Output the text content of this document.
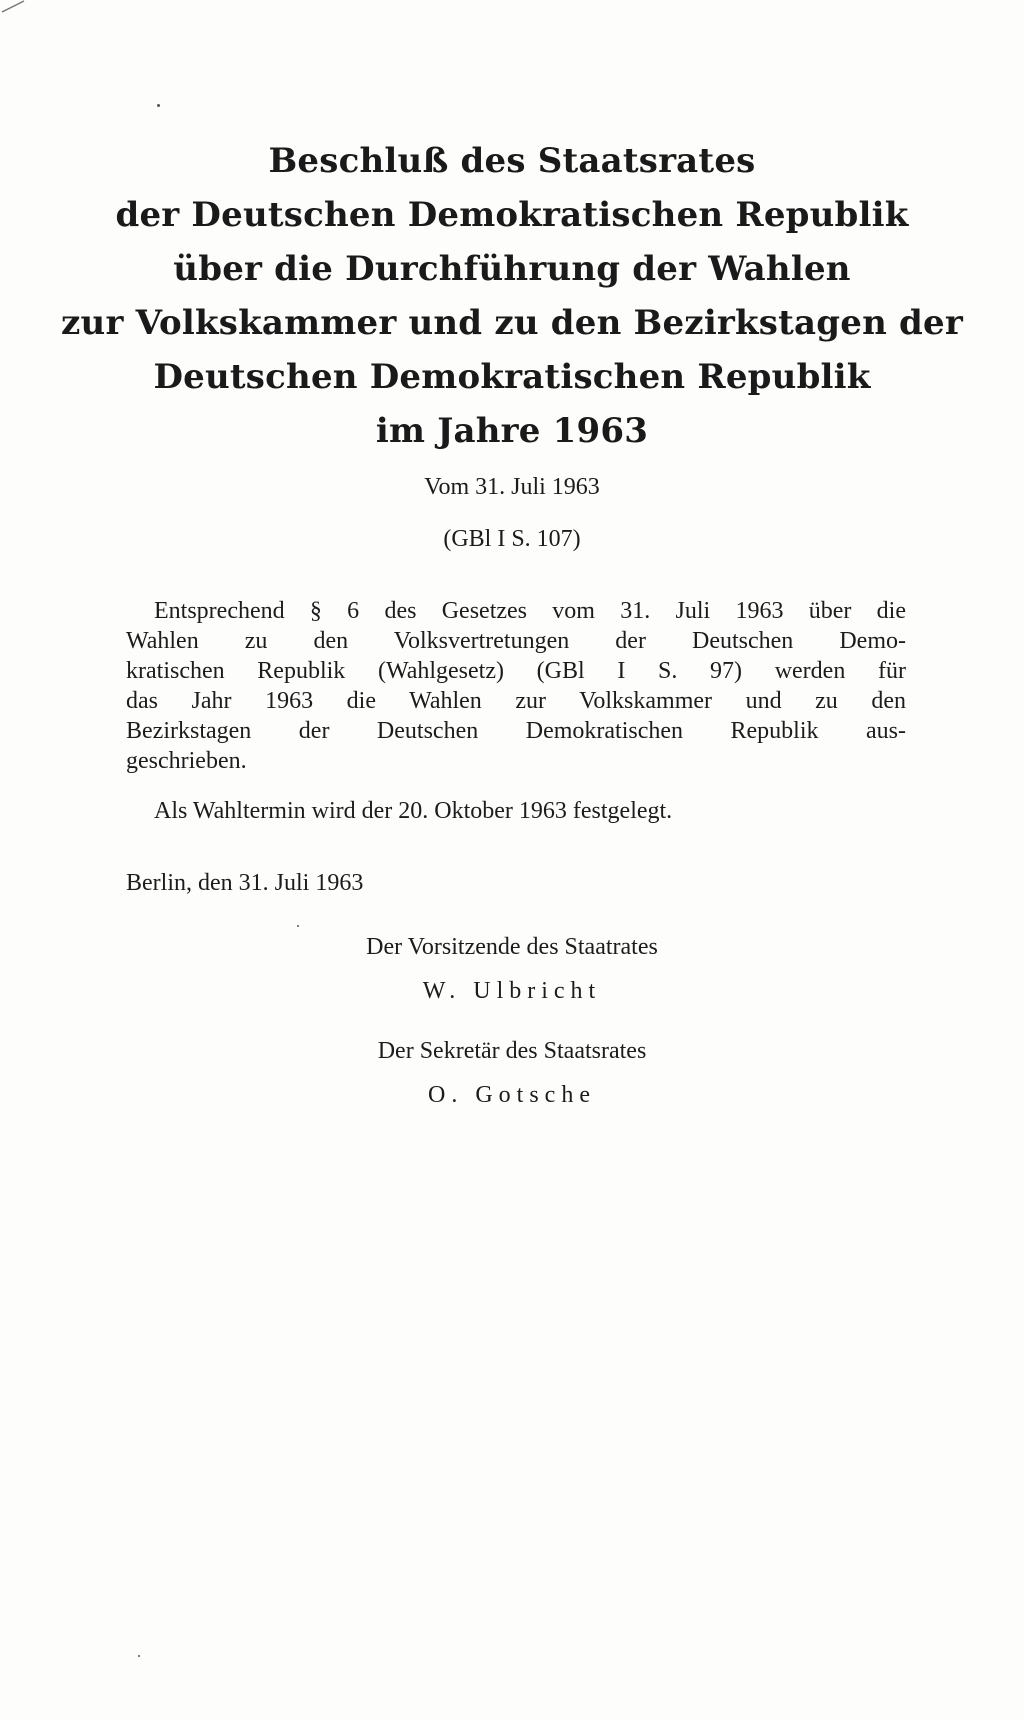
Beschluß des Staatsrates
der Deutschen Demokratischen Republik
über die Durchführung der Wahlen
zur Volkskammer und zu den Bezirkstagen der
Deutschen Demokratischen Republik
im Jahre 1963
Vom 31. Juli 1963
(GBl I S. 107)
Entsprechend § 6 des Gesetzes vom 31. Juli 1963 über die
Wahlen zu den Volksvertretungen der Deutschen Demo-
kratischen Republik (Wahlgesetz) (GBl I S. 97) werden für
das Jahr 1963 die Wahlen zur Volkskammer und zu den
Bezirkstagen der Deutschen Demokratischen Republik aus-
geschrieben.
Als Wahltermin wird der 20. Oktober 1963 festgelegt.
Berlin, den 31. Juli 1963
Der Vorsitzende des Staatrates
W. Ulbricht
Der Sekretär des Staatsrates
O. Gotsche
